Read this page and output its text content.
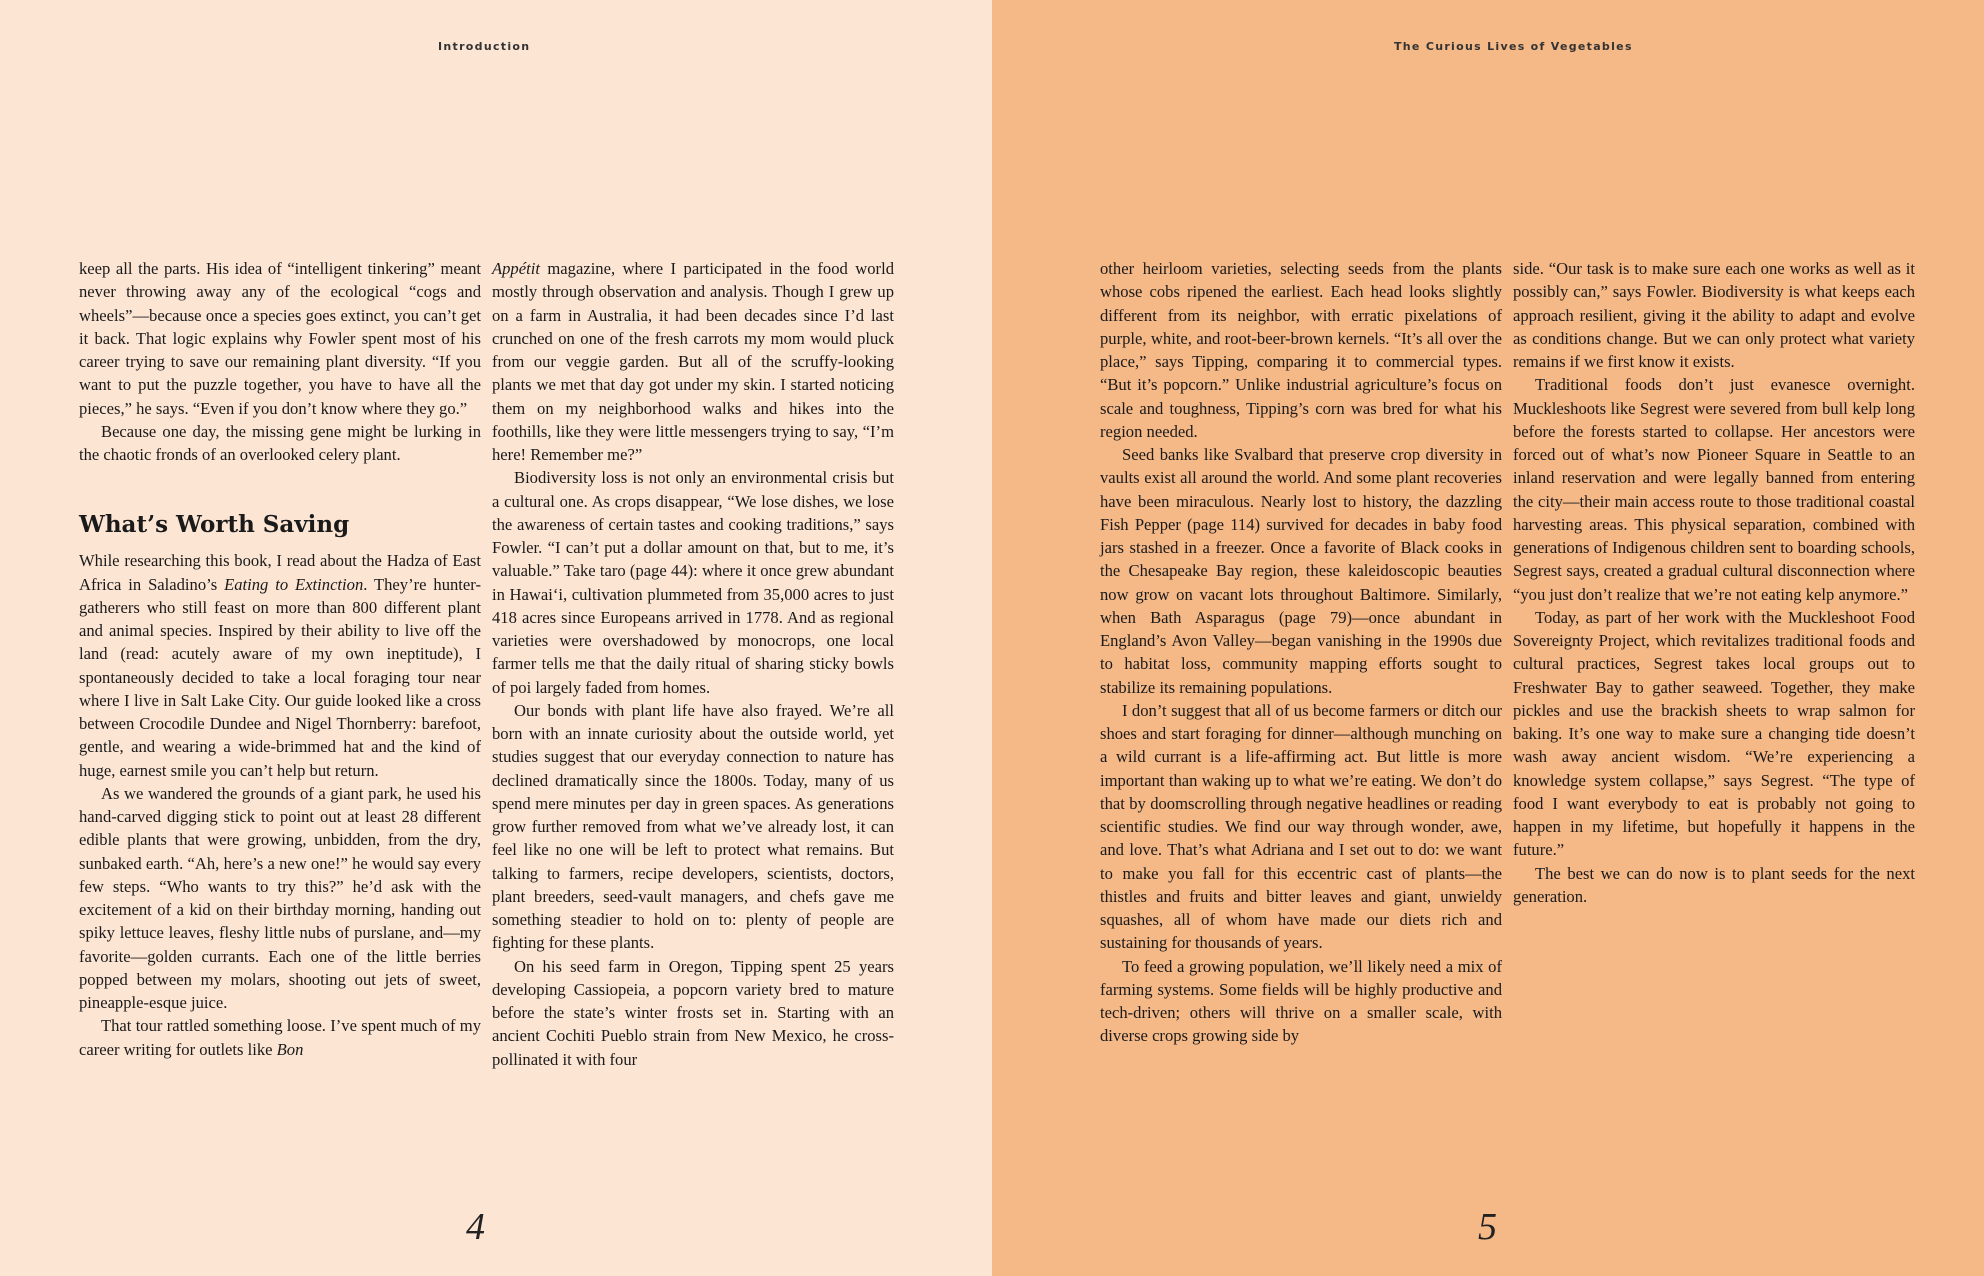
Introduction

keep all the parts. His idea of “intelligent tinkering” meant never throwing away any of the ecological “cogs and wheels”—because once a species goes extinct, you can’t get it back. That logic explains why Fowler spent most of his career trying to save our remaining plant diversity. “If you want to put the puzzle together, you have to have all the pieces,” he says. “Even if you don’t know where they go.”

Because one day, the missing gene might be lurking in the chaotic fronds of an overlooked celery plant.

What’s Worth Saving

While researching this book, I read about the Hadza of East Africa in Saladino’s Eating to Extinction. They’re hunter-gatherers who still feast on more than 800 different plant and animal species. Inspired by their ability to live off the land (read: acutely aware of my own ineptitude), I spontaneously decided to take a local foraging tour near where I live in Salt Lake City. Our guide looked like a cross between Crocodile Dundee and Nigel Thornberry: barefoot, gentle, and wearing a wide-brimmed hat and the kind of huge, earnest smile you can’t help but return.

As we wandered the grounds of a giant park, he used his hand-carved digging stick to point out at least 28 different edible plants that were growing, unbidden, from the dry, sunbaked earth. “Ah, here’s a new one!” he would say every few steps. “Who wants to try this?” he’d ask with the excitement of a kid on their birthday morning, handing out spiky lettuce leaves, fleshy little nubs of purslane, and—my favorite—golden currants. Each one of the little berries popped between my molars, shooting out jets of sweet, pineapple-esque juice.

That tour rattled something loose. I’ve spent much of my career writing for outlets like Bon

Appétit magazine, where I participated in the food world mostly through observation and analysis. Though I grew up on a farm in Australia, it had been decades since I’d last crunched on one of the fresh carrots my mom would pluck from our veggie garden. But all of the scruffy-looking plants we met that day got under my skin. I started noticing them on my neighborhood walks and hikes into the foothills, like they were little messengers trying to say, “I’m here! Remember me?”

Biodiversity loss is not only an environmental crisis but a cultural one. As crops disappear, “We lose dishes, we lose the awareness of certain tastes and cooking traditions,” says Fowler. “I can’t put a dollar amount on that, but to me, it’s valuable.” Take taro (page 44): where it once grew abundant in Hawai‘i, cultivation plummeted from 35,000 acres to just 418 acres since Europeans arrived in 1778. And as regional varieties were overshadowed by monocrops, one local farmer tells me that the daily ritual of sharing sticky bowls of poi largely faded from homes.

Our bonds with plant life have also frayed. We’re all born with an innate curiosity about the outside world, yet studies suggest that our everyday connection to nature has declined dramatically since the 1800s. Today, many of us spend mere minutes per day in green spaces. As generations grow further removed from what we’ve already lost, it can feel like no one will be left to protect what remains. But talking to farmers, recipe developers, scientists, doctors, plant breeders, seed-vault managers, and chefs gave me something steadier to hold on to: plenty of people are fighting for these plants.

On his seed farm in Oregon, Tipping spent 25 years developing Cassiopeia, a popcorn variety bred to mature before the state’s winter frosts set in. Starting with an ancient Cochiti Pueblo strain from New Mexico, he cross-pollinated it with four

4
The Curious Lives of Vegetables

other heirloom varieties, selecting seeds from the plants whose cobs ripened the earliest. Each head looks slightly different from its neighbor, with erratic pixelations of purple, white, and root-beer-brown kernels. “It’s all over the place,” says Tipping, comparing it to commercial types. “But it’s popcorn.” Unlike industrial agriculture’s focus on scale and toughness, Tipping’s corn was bred for what his region needed.

Seed banks like Svalbard that preserve crop diversity in vaults exist all around the world. And some plant recoveries have been miraculous. Nearly lost to history, the dazzling Fish Pepper (page 114) survived for decades in baby food jars stashed in a freezer. Once a favorite of Black cooks in the Chesapeake Bay region, these kaleidoscopic beauties now grow on vacant lots throughout Baltimore. Similarly, when Bath Asparagus (page 79)—once abundant in England’s Avon Valley—began vanishing in the 1990s due to habitat loss, community mapping efforts sought to stabilize its remaining populations.

I don’t suggest that all of us become farmers or ditch our shoes and start foraging for dinner—although munching on a wild currant is a life-affirming act. But little is more important than waking up to what we’re eating. We don’t do that by doomscrolling through negative headlines or reading scientific studies. We find our way through wonder, awe, and love. That’s what Adriana and I set out to do: we want to make you fall for this eccentric cast of plants—the thistles and fruits and bitter leaves and giant, unwieldy squashes, all of whom have made our diets rich and sustaining for thousands of years.

To feed a growing population, we’ll likely need a mix of farming systems. Some fields will be highly productive and tech-driven; others will thrive on a smaller scale, with diverse crops growing side by

side. “Our task is to make sure each one works as well as it possibly can,” says Fowler. Biodiversity is what keeps each approach resilient, giving it the ability to adapt and evolve as conditions change. But we can only protect what variety remains if we first know it exists.

Traditional foods don’t just evanesce overnight. Muckleshoots like Segrest were severed from bull kelp long before the forests started to collapse. Her ancestors were forced out of what’s now Pioneer Square in Seattle to an inland reservation and were legally banned from entering the city—their main access route to those traditional coastal harvesting areas. This physical separation, combined with generations of Indigenous children sent to boarding schools, Segrest says, created a gradual cultural disconnection where “you just don’t realize that we’re not eating kelp anymore.”

Today, as part of her work with the Muckleshoot Food Sovereignty Project, which revitalizes traditional foods and cultural practices, Segrest takes local groups out to Freshwater Bay to gather seaweed. Together, they make pickles and use the brackish sheets to wrap salmon for baking. It’s one way to make sure a changing tide doesn’t wash away ancient wisdom. “We’re experiencing a knowledge system collapse,” says Segrest. “The type of food I want everybody to eat is probably not going to happen in my lifetime, but hopefully it happens in the future.”

The best we can do now is to plant seeds for the next generation.

5
